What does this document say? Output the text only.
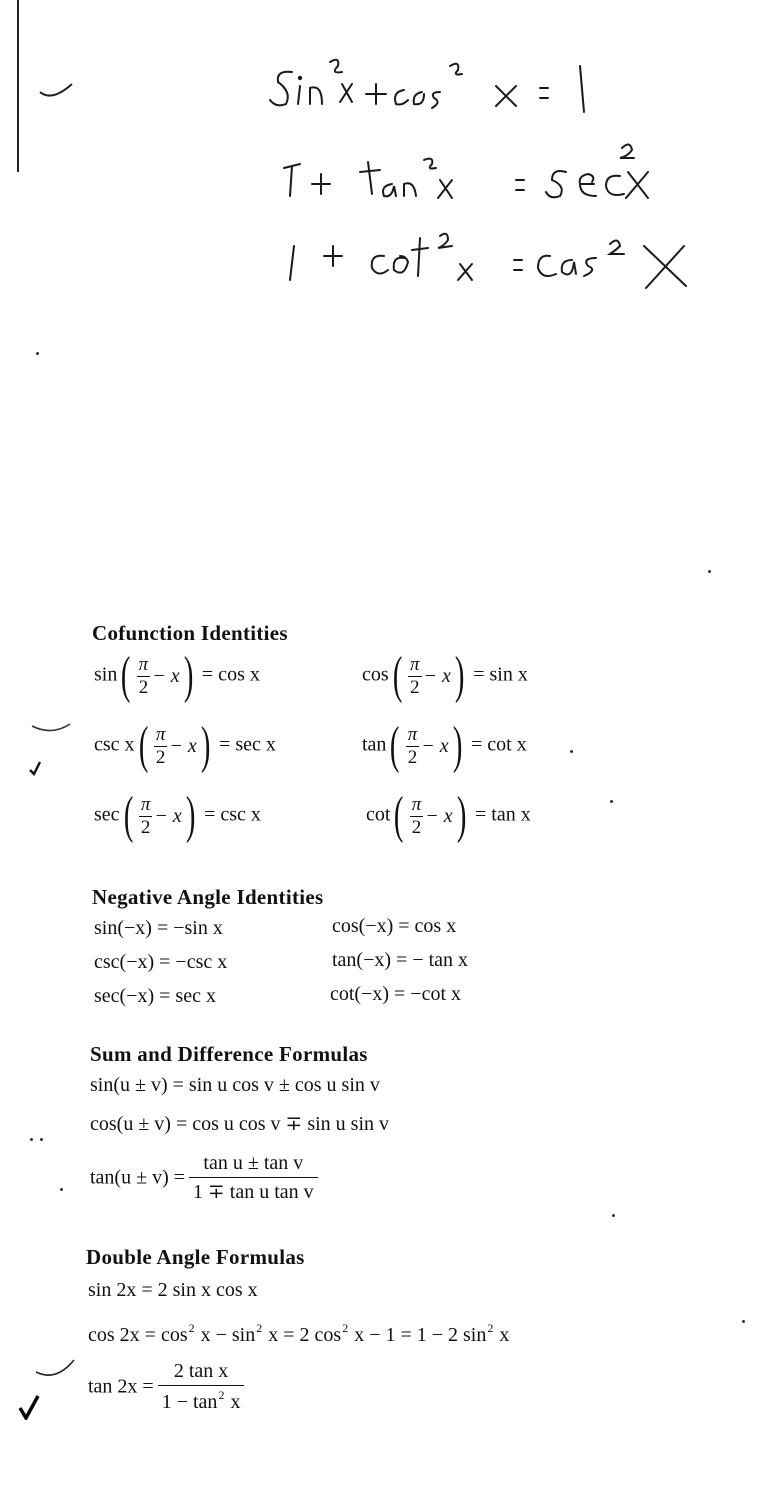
Cofunction Identities
sin ( $\frac{\pi}{2} - x$ ) = cos x	cos ( $\frac{\pi}{2} - x$ ) = sin x
csc x ( $\frac{\pi}{2} - x$ ) = sec x	tan ( $\frac{\pi}{2} - x$ ) = cot x
sec ( $\frac{\pi}{2} - x$ ) = csc x	cot ( $\frac{\pi}{2} - x$ ) = tan x
Negative Angle Identities
sin(−x) = −sin x	cos(−x) = cos x
csc(−x) = −csc x	tan(−x) = − tan x
sec(−x) = sec x	cot(−x) = −cot x
Sum and Difference Formulas
sin(u ± v) = sin u cos v ± cos u sin v
cos(u ± v) = cos u cos v ∓ sin u sin v
$\tan(u \pm v) = \frac{\text{tan u ± tan v}}{\text{1 ∓ tan u tan v}}$
Double Angle Formulas
sin 2x = 2 sin x cos x
$\cos 2x = \cos^2 x - \sin^2 x = 2$ $\cos^2 x - 1 = 1 - 2$ $\sin^2 x$
$\tan 2x = \frac{\text{2 tan x}}{1 - \tan^2 x}$
